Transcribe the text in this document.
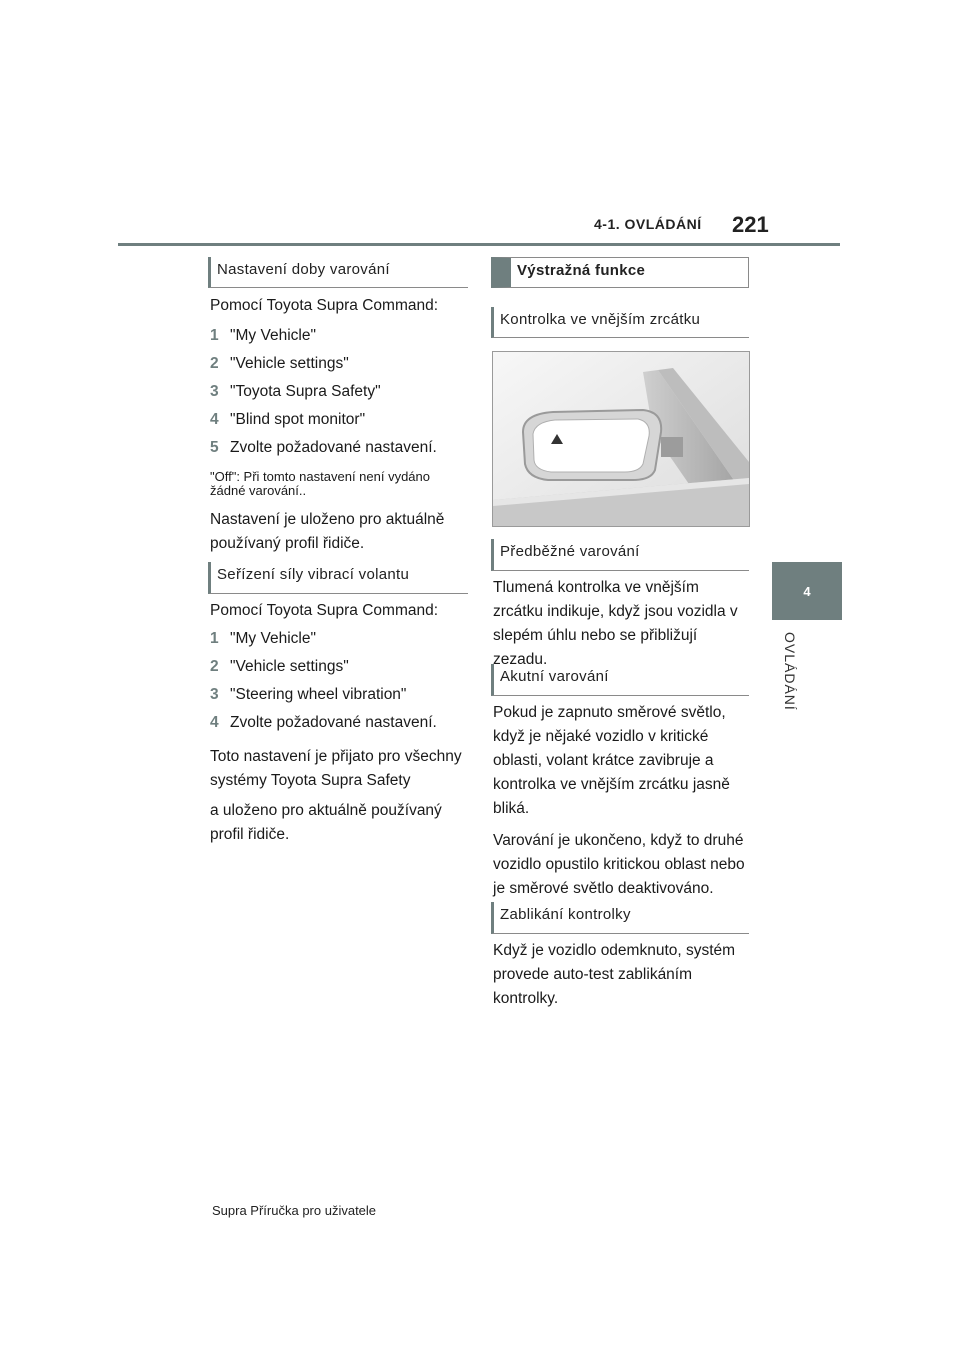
4-1. OVLÁDÁNÍ 221
4
OVLÁDÁNÍ
Nastavení doby varování

Pomocí Toyota Supra Command:

1 "My Vehicle"
2 "Vehicle settings"
3 "Toyota Supra Safety"
4 "Blind spot monitor"
5 Zvolte požadované nastavení.

"Off": Při tomto nastavení není vydáno žádné varování..

Nastavení je uloženo pro aktuálně používaný profil řidiče.

Seřízení síly vibrací volantu

Pomocí Toyota Supra Command:

1 "My Vehicle"
2 "Vehicle settings"
3 "Steering wheel vibration"
4 Zvolte požadované nastavení.

Toto nastavení je přijato pro všechny systémy Toyota Supra Safety

a uloženo pro aktuálně používaný profil řidiče.

Výstražná funkce
Kontrolka ve vnějším zrcátku
Předběžné varování

Tlumená kontrolka ve vnějším zrcátku indikuje, když jsou vozidla v slepém úhlu nebo se přibližují zezadu.

Akutní varování

Pokud je zapnuto směrové světlo, když je nějaké vozidlo v kritické oblasti, volant krátce zavibruje a kontrolka ve vnějším zrcátku jasně bliká.

Varování je ukončeno, když to druhé vozidlo opustilo kritickou oblast nebo je směrové světlo deaktivováno.

Zablikání kontrolky

Když je vozidlo odemknuto, systém provede auto-test zablikáním kontrolky.

Supra Příručka pro uživatele
